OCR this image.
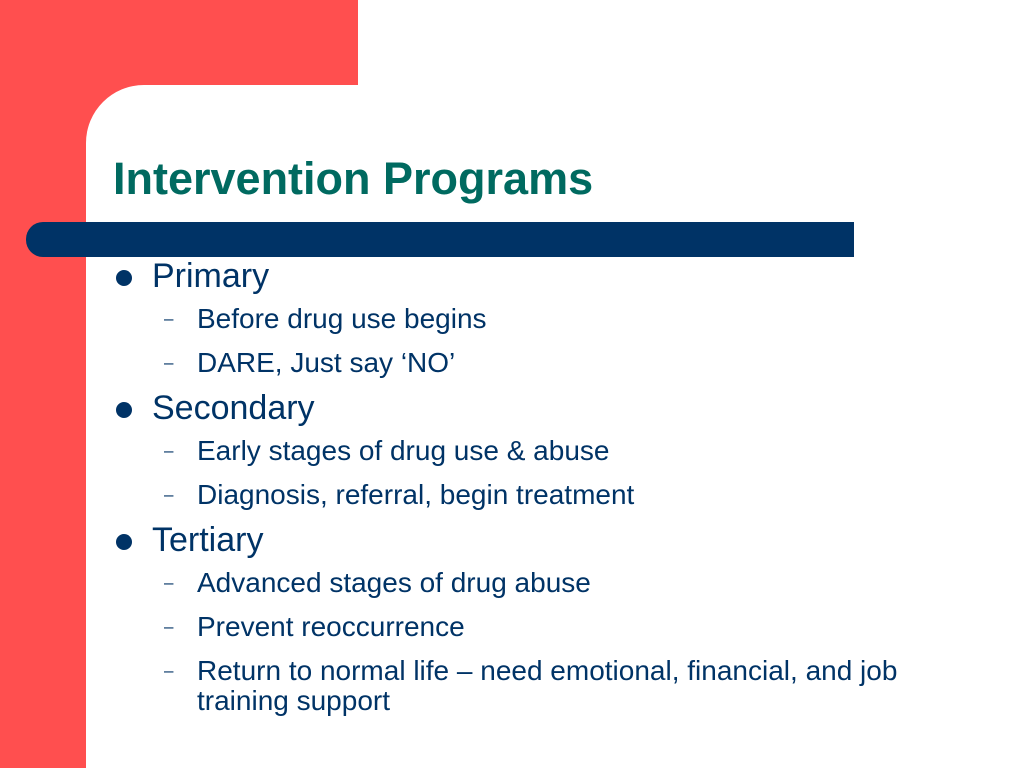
Intervention Programs
Primary
– Before drug use begins
– DARE, Just say ‘NO’
Secondary
– Early stages of drug use & abuse
– Diagnosis, referral, begin treatment
Tertiary
– Advanced stages of drug abuse
– Prevent reoccurrence
– Return to normal life – need emotional, financial, and job training support
